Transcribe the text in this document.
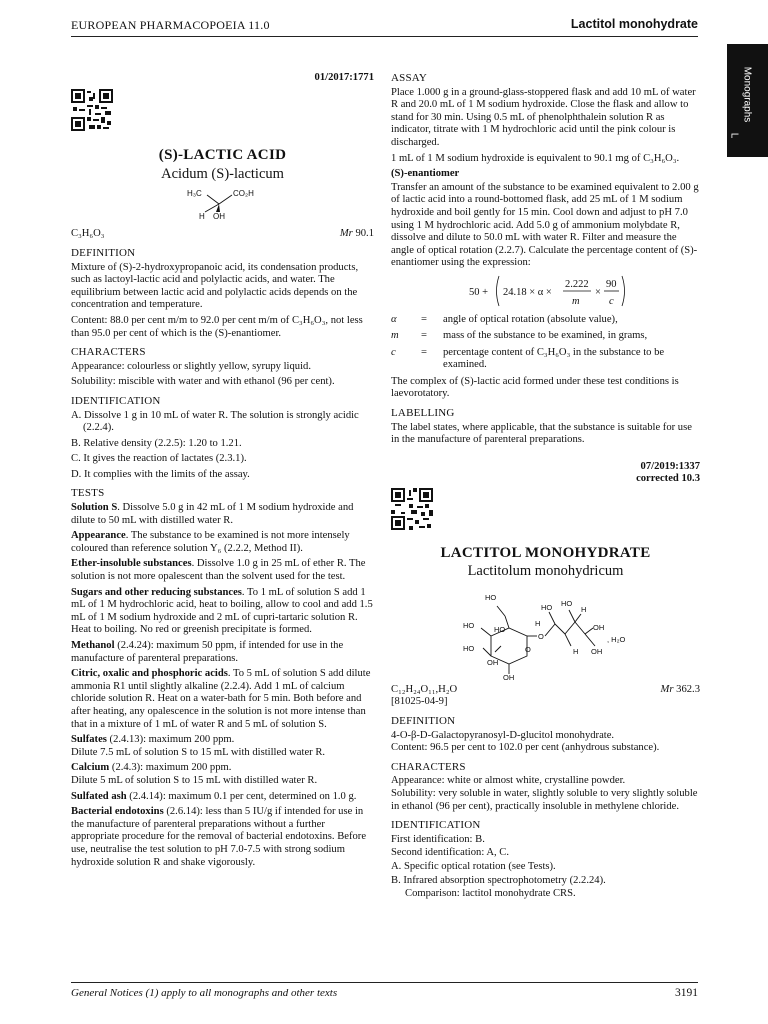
EUROPEAN PHARMACOPOEIA 11.0	Lactitol monohydrate
Monographs
L
01/2017:1771
(S)-LACTIC ACID
Acidum (S)-lacticum
H₃C	CO₂H
H OH
C₃H₆O₃	Mr 90.1
DEFINITION

Mixture of (S)-2-hydroxypropanoic acid, its condensation products, such as lactoyl-lactic acid and polylactic acids, and water. The equilibrium between lactic acid and polylactic acids depends on the concentration and temperature.

Content: 88.0 per cent m/m to 92.0 per cent m/m of C₃H₆O₃, not less than 95.0 per cent of which is the (S)-enantiomer.

CHARACTERS

Appearance: colourless or slightly yellow, syrupy liquid.

Solubility: miscible with water and with ethanol (96 per cent).

IDENTIFICATION

A. Dissolve 1 g in 10 mL of water R. The solution is strongly acidic (2.2.4).

B. Relative density (2.2.5): 1.20 to 1.21.

C. It gives the reaction of lactates (2.3.1).

D. It complies with the limits of the assay.

TESTS

Solution S. Dissolve 5.0 g in 42 mL of 1 M sodium hydroxide and dilute to 50 mL with distilled water R.

Appearance. The substance to be examined is not more intensely coloured than reference solution Y₆ (2.2.2, Method II).

Ether-insoluble substances. Dissolve 1.0 g in 25 mL of ether R. The solution is not more opalescent than the solvent used for the test.

Sugars and other reducing substances. To 1 mL of solution S add 1 mL of 1 M hydrochloric acid, heat to boiling, allow to cool and add 1.5 mL of 1 M sodium hydroxide and 2 mL of cupri-tartaric solution R. Heat to boiling. No red or greenish precipitate is formed.

Methanol (2.4.24): maximum 50 ppm, if intended for use in the manufacture of parenteral preparations.

Citric, oxalic and phosphoric acids. To 5 mL of solution S add dilute ammonia R1 until slightly alkaline (2.2.4). Add 1 mL of calcium chloride solution R. Heat on a water-bath for 5 min. Both before and after heating, any opalescence in the solution is not more intense than that in a mixture of 1 mL of water R and 5 mL of solution S.

Sulfates (2.4.13): maximum 200 ppm.

Dilute 7.5 mL of solution S to 15 mL with distilled water R.

Calcium (2.4.3): maximum 200 ppm.

Dilute 5 mL of solution S to 15 mL with distilled water R.

Sulfated ash (2.4.14): maximum 0.1 per cent, determined on 1.0 g.

Bacterial endotoxins (2.6.14): less than 5 IU/g if intended for use in the manufacture of parenteral preparations without a further appropriate procedure for the removal of bacterial endotoxins. Before use, neutralise the test solution to pH 7.0-7.5 with strong sodium hydroxide solution R and shake vigorously.

ASSAY

Place 1.000 g in a ground-glass-stoppered flask and add 10 mL of water R and 20.0 mL of 1 M sodium hydroxide. Close the flask and allow to stand for 30 min. Using 0.5 mL of phenolphthalein solution R as indicator, titrate with 1 M hydrochloric acid until the pink colour is discharged.

1 mL of 1 M sodium hydroxide is equivalent to 90.1 mg of C₃H₆O₃.

(S)-enantiomer

Transfer an amount of the substance to be examined equivalent to 2.00 g of lactic acid into a round-bottomed flask, add 25 mL of 1 M sodium hydroxide and boil gently for 15 min. Cool down and adjust to pH 7.0 using 1 M hydrochloric acid. Add 5.0 g of ammonium molybdate R, dissolve and dilute to 50.0 mL with water R. Filter and measure the angle of optical rotation (2.2.7). Calculate the percentage content of (S)-enantiomer using the expression:

50 + 24.18 × α ×
2.222
m
×
90
c
α	=	angle of optical rotation (absolute value),
m	=	mass of the substance to be examined, in grams,
c	=	percentage content of C₃H₆O₃ in the substance to be examined.

The complex of (S)-lactic acid formed under these test conditions is laevorotatory.

LABELLING

The label states, where applicable, that the substance is suitable for use in the manufacture of parenteral preparations.

07/2019:1337
corrected 10.3
LACTITOL MONOHYDRATE
Lactitolum monohydricum
HO
HO	HO
HO
OH
OH
O
O
HO HO
H
H
H
OH
OH
, H₂O
C₁₂H₂₄O₁₁,H₂O	Mr 362.3

[81025-04-9]

DEFINITION

4-O-β-D-Galactopyranosyl-D-glucitol monohydrate.

Content: 96.5 per cent to 102.0 per cent (anhydrous substance).

CHARACTERS

Appearance: white or almost white, crystalline powder.

Solubility: very soluble in water, slightly soluble to very slightly soluble in ethanol (96 per cent), practically insoluble in methylene chloride.

IDENTIFICATION

First identification: B.

Second identification: A, C.

A. Specific optical rotation (see Tests).

B. Infrared absorption spectrophotometry (2.2.24).

Comparison: lactitol monohydrate CRS.

General Notices (1) apply to all monographs and other texts	3191
